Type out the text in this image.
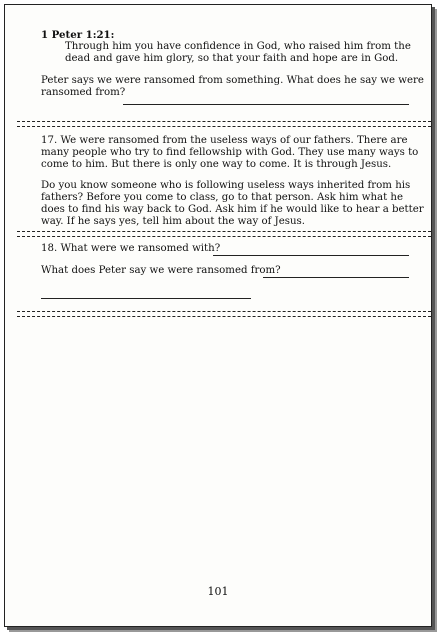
1 Peter 1:21:
Through him you have confidence in God, who raised him from the
dead and gave him glory, so that your faith and hope are in God.
Peter says we were ransomed from something. What does he say we were
ransomed from?
17. We were ransomed from the useless ways of our fathers. There are
many people who try to find fellowship with God. They use many ways to
come to him. But there is only one way to come. It is through Jesus.
Do you know someone who is following useless ways inherited from his
fathers? Before you come to class, go to that person. Ask him what he
does to find his way back to God. Ask him if he would like to hear a better
way. If he says yes, tell him about the way of Jesus.
18. What were we ransomed with?
What does Peter say we were ransomed from?
101
